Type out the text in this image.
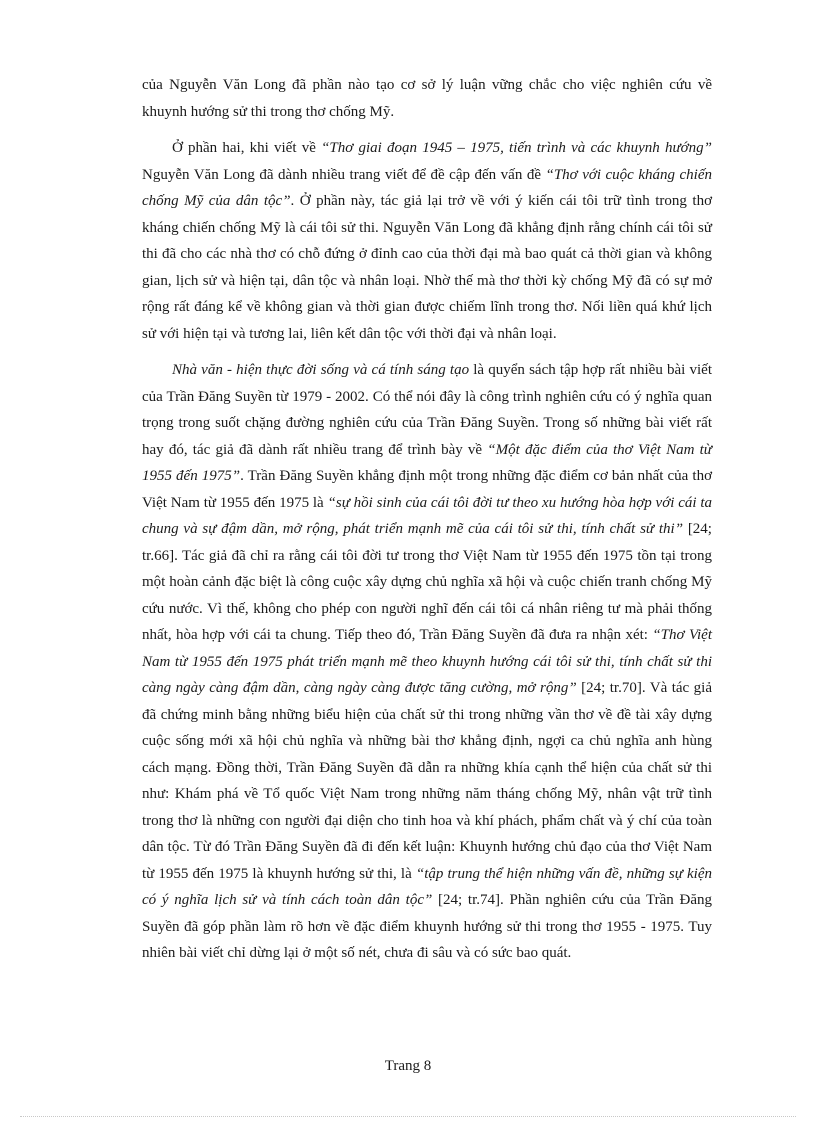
của Nguyễn Văn Long đã phần nào tạo cơ sở lý luận vững chắc cho việc nghiên cứu về khuynh hướng sử thi trong thơ chống Mỹ.

Ở phần hai, khi viết về “Thơ giai đoạn 1945 – 1975, tiến trình và các khuynh hướng” Nguyễn Văn Long đã dành nhiều trang viết để đề cập đến vấn đề “Thơ với cuộc kháng chiến chống Mỹ của dân tộc”. Ở phần này, tác giả lại trở về với ý kiến cái tôi trữ tình trong thơ kháng chiến chống Mỹ là cái tôi sử thi. Nguyễn Văn Long đã khẳng định rằng chính cái tôi sử thi đã cho các nhà thơ có chỗ đứng ở đỉnh cao của thời đại mà bao quát cả thời gian và không gian, lịch sử và hiện tại, dân tộc và nhân loại. Nhờ thế mà thơ thời kỳ chống Mỹ đã có sự mở rộng rất đáng kể về không gian và thời gian được chiếm lĩnh trong thơ. Nối liền quá khứ lịch sử với hiện tại và tương lai, liên kết dân tộc với thời đại và nhân loại.

Nhà văn - hiện thực đời sống và cá tính sáng tạo là quyển sách tập hợp rất nhiều bài viết của Trần Đăng Suyền từ 1979 - 2002. Có thể nói đây là công trình nghiên cứu có ý nghĩa quan trọng trong suốt chặng đường nghiên cứu của Trần Đăng Suyền. Trong số những bài viết rất hay đó, tác giả đã dành rất nhiều trang để trình bày về “Một đặc điểm của thơ Việt Nam từ 1955 đến 1975”. Trần Đăng Suyền khẳng định một trong những đặc điểm cơ bản nhất của thơ Việt Nam từ 1955 đến 1975 là “sự hồi sinh của cái tôi đời tư theo xu hướng hòa hợp với cái ta chung và sự đậm dần, mở rộng, phát triển mạnh mẽ của cái tôi sử thi, tính chất sử thi” [24; tr.66]. Tác giả đã chỉ ra rằng cái tôi đời tư trong thơ Việt Nam từ 1955 đến 1975 tồn tại trong một hoàn cảnh đặc biệt là công cuộc xây dựng chủ nghĩa xã hội và cuộc chiến tranh chống Mỹ cứu nước. Vì thế, không cho phép con người nghĩ đến cái tôi cá nhân riêng tư mà phải thống nhất, hòa hợp với cái ta chung. Tiếp theo đó, Trần Đăng Suyền đã đưa ra nhận xét: “Thơ Việt Nam từ 1955 đến 1975 phát triển mạnh mẽ theo khuynh hướng cái tôi sử thi, tính chất sử thi càng ngày càng đậm dần, càng ngày càng được tăng cường, mở rộng” [24; tr.70]. Và tác giả đã chứng minh bằng những biểu hiện của chất sử thi trong những vần thơ về đề tài xây dựng cuộc sống mới xã hội chủ nghĩa và những bài thơ khẳng định, ngợi ca chủ nghĩa anh hùng cách mạng. Đồng thời, Trần Đăng Suyền đã dẫn ra những khía cạnh thể hiện của chất sử thi như: Khám phá về Tổ quốc Việt Nam trong những năm tháng chống Mỹ, nhân vật trữ tình trong thơ là những con người đại diện cho tinh hoa và khí phách, phẩm chất và ý chí của toàn dân tộc. Từ đó Trần Đăng Suyền đã đi đến kết luận: Khuynh hướng chủ đạo của thơ Việt Nam từ 1955 đến 1975 là khuynh hướng sử thi, là “tập trung thể hiện những vấn đề, những sự kiện có ý nghĩa lịch sử và tính cách toàn dân tộc” [24; tr.74]. Phần nghiên cứu của Trần Đăng Suyền đã góp phần làm rõ hơn về đặc điểm khuynh hướng sử thi trong thơ 1955 - 1975. Tuy nhiên bài viết chỉ dừng lại ở một số nét, chưa đi sâu và có sức bao quát.

Trang 8
